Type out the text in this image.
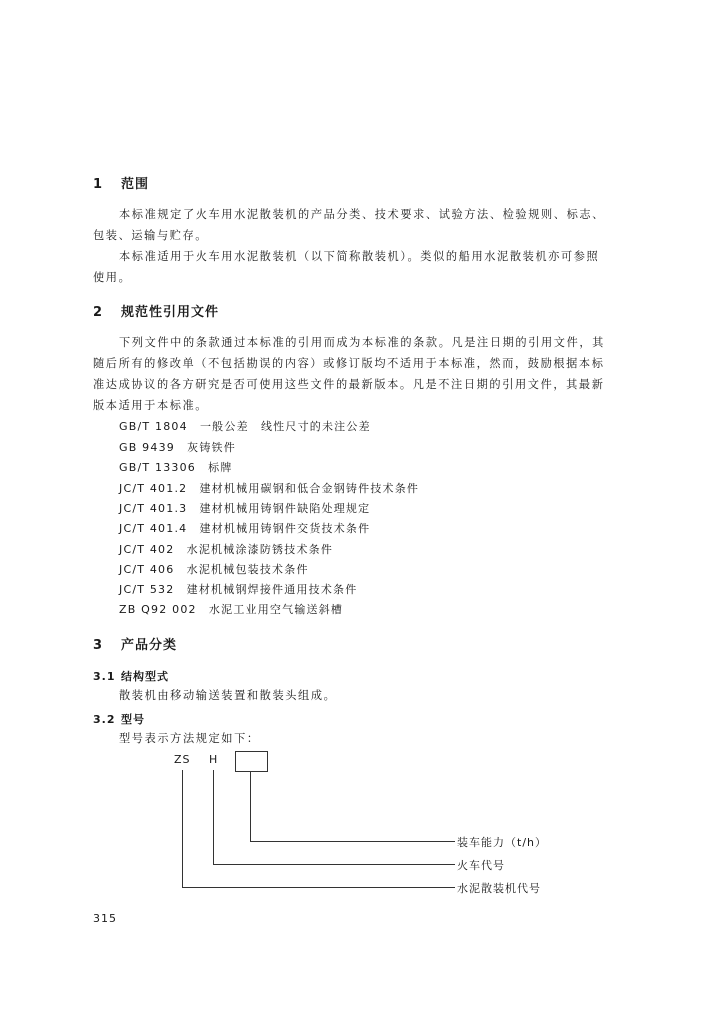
1 范围
本标准规定了火车用水泥散装机的产品分类、技术要求、试验方法、检验规则、标志、
包装、运输与贮存。
本标准适用于火车用水泥散装机（以下简称散装机）。类似的船用水泥散装机亦可参照
使用。
2 规范性引用文件
下列文件中的条款通过本标准的引用而成为本标准的条款。凡是注日期的引用文件，其
随后所有的修改单（不包括勘误的内容）或修订版均不适用于本标准，然而，鼓励根据本标
准达成协议的各方研究是否可使用这些文件的最新版本。凡是不注日期的引用文件，其最新
版本适用于本标准。
GB/T 1804　一般公差　线性尺寸的未注公差
GB 9439　灰铸铁件
GB/T 13306　标牌
JC/T 401.2　建材机械用碳钢和低合金钢铸件技术条件
JC/T 401.3　建材机械用铸钢件缺陷处理规定
JC/T 401.4　建材机械用铸钢件交货技术条件
JC/T 402　水泥机械涂漆防锈技术条件
JC/T 406　水泥机械包装技术条件
JC/T 532　建材机械钢焊接件通用技术条件
ZB Q92 002　水泥工业用空气输送斜槽
3 产品分类
3.1 结构型式
散装机由移动输送装置和散装头组成。
3.2 型号
型号表示方法规定如下：
ZS H
装车能力（t/h）
火车代号
水泥散装机代号
315
